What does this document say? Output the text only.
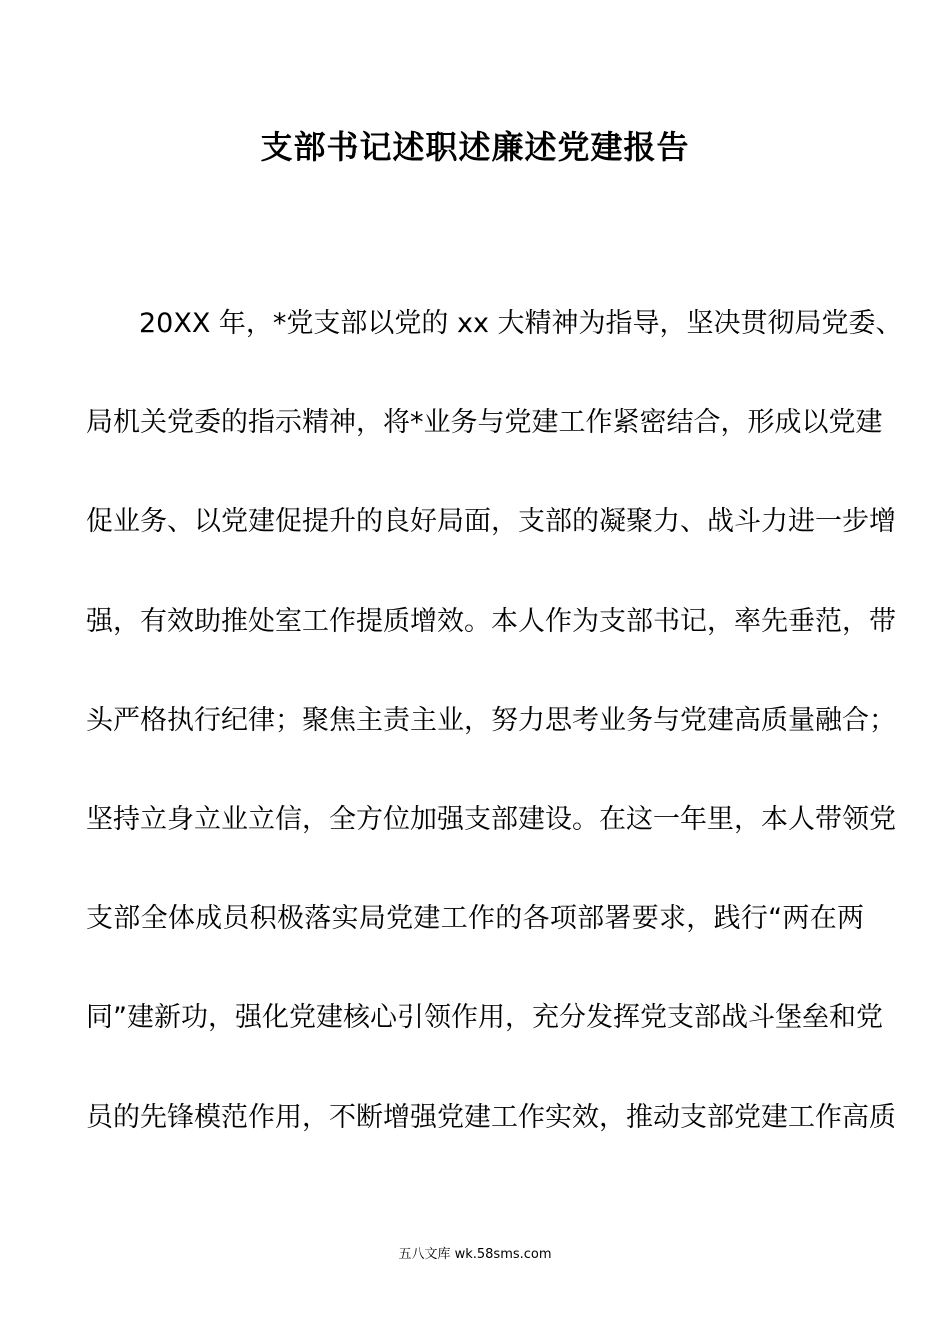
支部书记述职述廉述党建报告
20XX 年，*党支部以党的 xx 大精神为指导，坚决贯彻局党委、
局机关党委的指示精神，将*业务与党建工作紧密结合，形成以党建
促业务、以党建促提升的良好局面，支部的凝聚力、战斗力进一步增
强，有效助推处室工作提质增效。本人作为支部书记，率先垂范，带
头严格执行纪律；聚焦主责主业，努力思考业务与党建高质量融合；
坚持立身立业立信，全方位加强支部建设。在这一年里，本人带领党
支部全体成员积极落实局党建工作的各项部署要求，践行“两在两
同”建新功，强化党建核心引领作用，充分发挥党支部战斗堡垒和党
员的先锋模范作用，不断增强党建工作实效，推动支部党建工作高质
五八文库 wk.58sms.com
